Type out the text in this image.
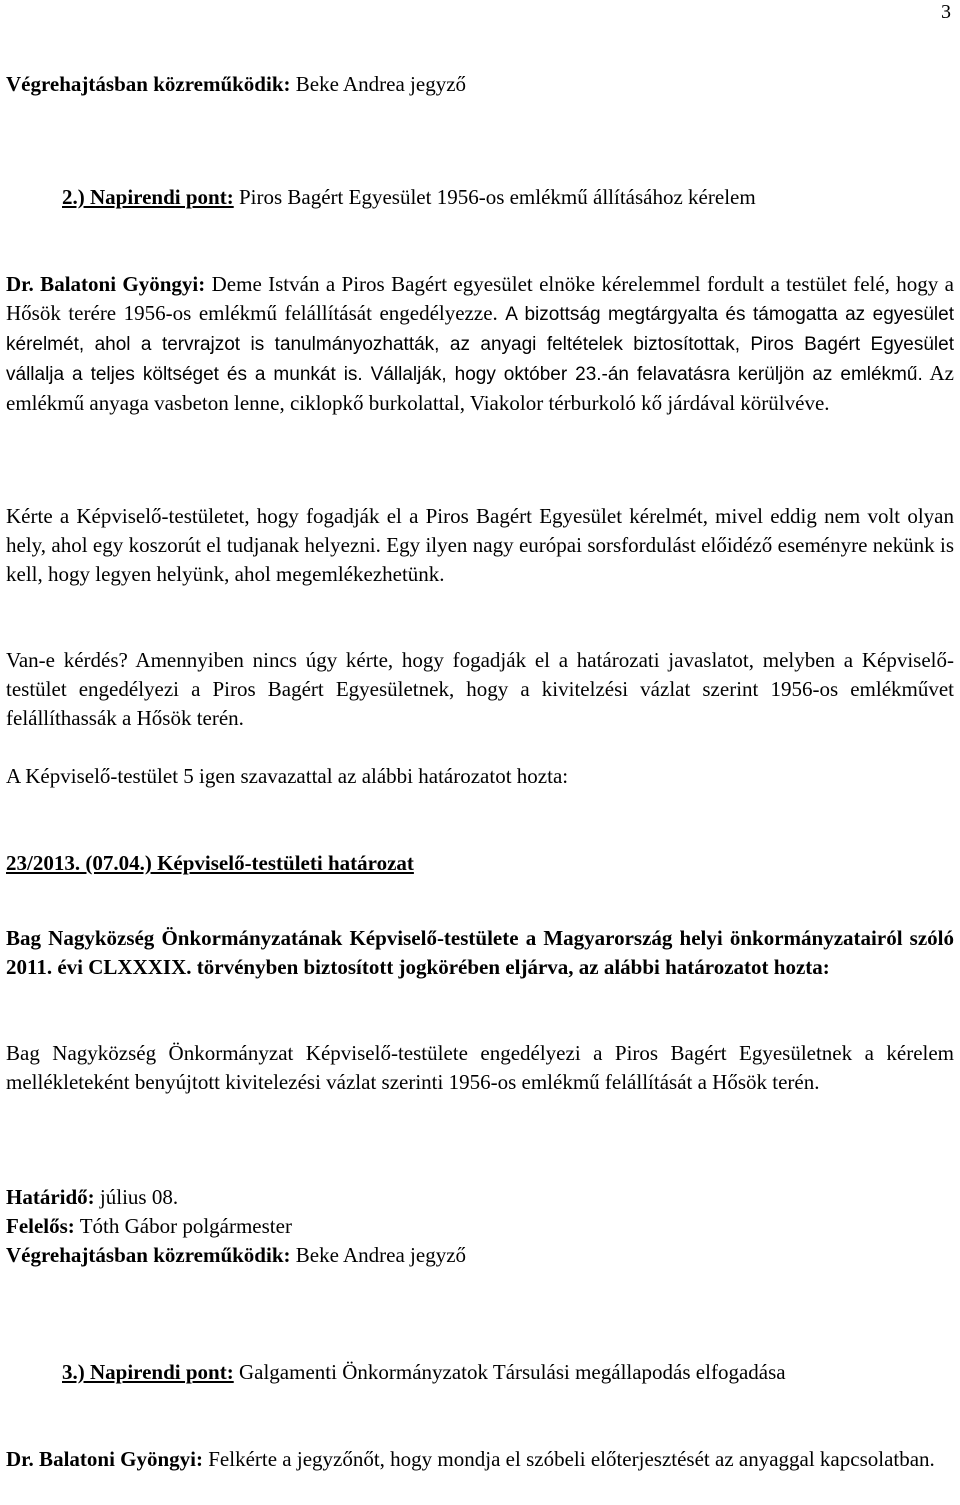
3
Végrehajtásban közreműködik: Beke Andrea jegyző
2.) Napirendi pont: Piros Bagért Egyesület 1956-os emlékmű állításához kérelem
Dr. Balatoni Gyöngyi: Deme István a Piros Bagért egyesület elnöke kérelemmel fordult a testület felé, hogy a Hősök terére 1956-os emlékmű felállítását engedélyezze. A bizottság megtárgyalta és támogatta az egyesület kérelmét, ahol a tervrajzot is tanulmányozhatták, az anyagi feltételek biztosítottak, Piros Bagért Egyesület vállalja a teljes költséget és a munkát is. Vállalják, hogy október 23.-án felavatásra kerüljön az emlékmű. Az emlékmű anyaga vasbeton lenne, ciklopkő burkolattal, Viakolor térburkoló kő járdával körülvéve.
Kérte a Képviselő-testületet, hogy fogadják el a Piros Bagért Egyesület kérelmét, mivel eddig nem volt olyan hely, ahol egy koszorút el tudjanak helyezni. Egy ilyen nagy európai sorsfordulást előidéző eseményre nekünk is kell, hogy legyen helyünk, ahol megemlékezhetünk.
Van-e kérdés? Amennyiben nincs úgy kérte, hogy fogadják el a határozati javaslatot, melyben a Képviselő-testület engedélyezi a Piros Bagért Egyesületnek, hogy a kivitelzési vázlat szerint 1956-os emlékművet felállíthassák a Hősök terén.
A Képviselő-testület 5 igen szavazattal az alábbi határozatot hozta:
23/2013. (07.04.) Képviselő-testületi határozat
Bag Nagyközség Önkormányzatának Képviselő-testülete a Magyarország helyi önkormányzatairól szóló 2011. évi CLXXXIX. törvényben biztosított jogkörében eljárva, az alábbi határozatot hozta:
Bag Nagyközség Önkormányzat Képviselő-testülete engedélyezi a Piros Bagért Egyesületnek a kérelem mellékleteként benyújtott kivitelezési vázlat szerinti 1956-os emlékmű felállítását a Hősök terén.
Határidő: július 08.
Felelős: Tóth Gábor polgármester
Végrehajtásban közreműködik: Beke Andrea jegyző
3.) Napirendi pont: Galgamenti Önkormányzatok Társulási megállapodás elfogadása
Dr. Balatoni Gyöngyi: Felkérte a jegyzőnőt, hogy mondja el szóbeli előterjesztését az anyaggal kapcsolatban.
